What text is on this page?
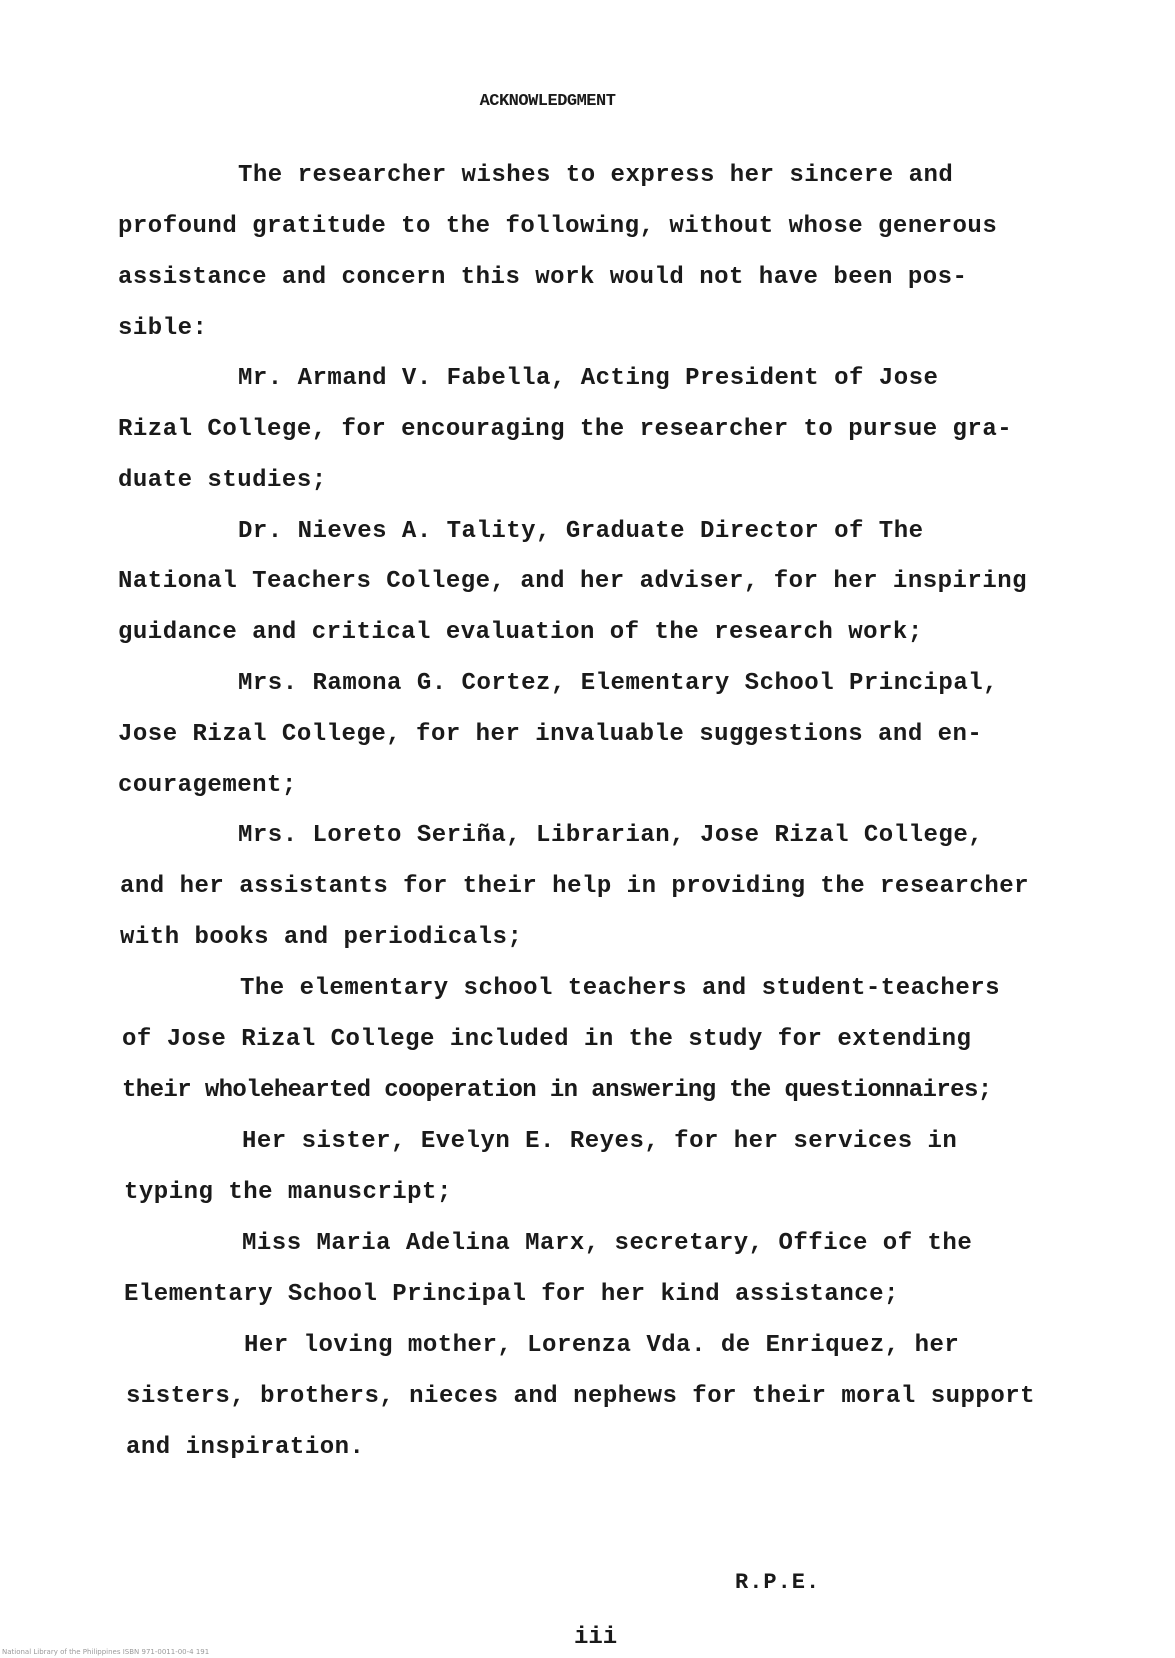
ACKNOWLEDGMENT
The researcher wishes to express her sincere and
profound gratitude to the following, without whose generous
assistance and concern this work would not have been pos-
sible:
Mr. Armand V. Fabella, Acting President of Jose
Rizal College, for encouraging the researcher to pursue gra-
duate studies;
Dr. Nieves A. Tality, Graduate Director of The
National Teachers College, and her adviser, for her inspiring
guidance and critical evaluation of the research work;
Mrs. Ramona G. Cortez, Elementary School Principal,
Jose Rizal College, for her invaluable suggestions and en-
couragement;
Mrs. Loreto Seriña, Librarian, Jose Rizal College,
and her assistants for their help in providing the researcher
with books and periodicals;
The elementary school teachers and student-teachers
of Jose Rizal College included in the study for extending
their wholehearted cooperation in answering the questionnaires;
Her sister, Evelyn E. Reyes, for her services in
typing the manuscript;
Miss Maria Adelina Marx, secretary, Office of the
Elementary School Principal for her kind assistance;
Her loving mother, Lorenza Vda. de Enriquez, her
sisters, brothers, nieces and nephews for their moral support
and inspiration.
R.P.E.
iii
National Library of the Philippines ISBN 971-0011-00-4 191
